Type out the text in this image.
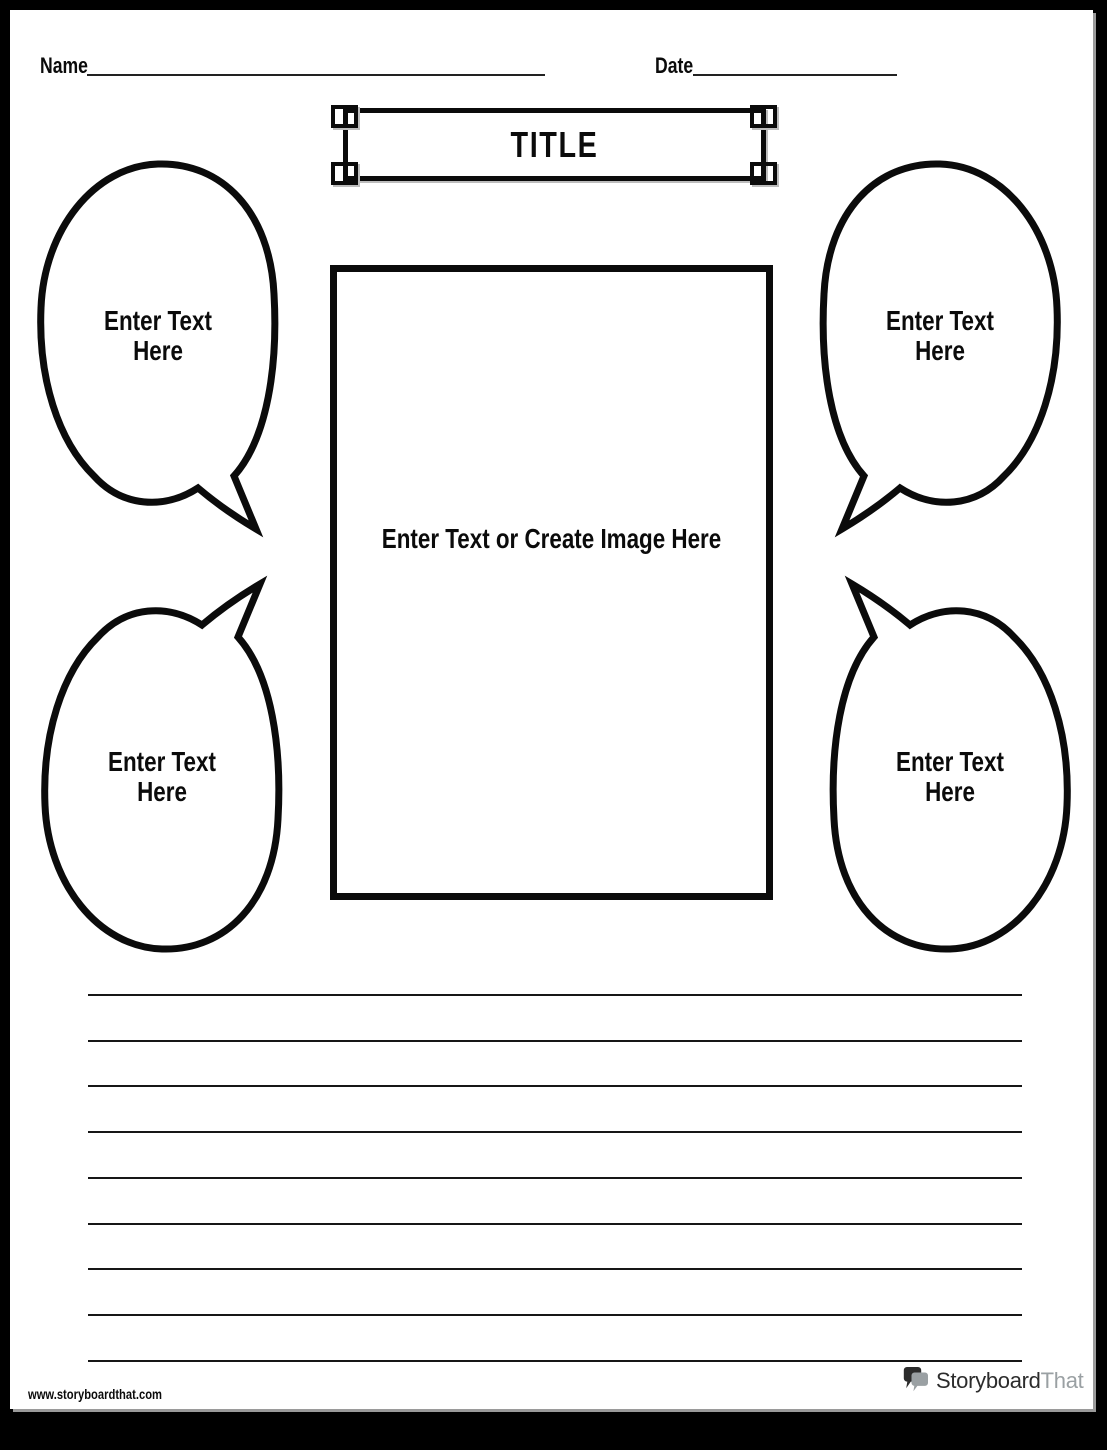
Name	Date
TITLE
Enter Text or Create Image Here
Enter Text
Here
Enter Text
Here
Enter Text
Here
Enter Text
Here
www.storyboardthat.com
StoryboardThat
